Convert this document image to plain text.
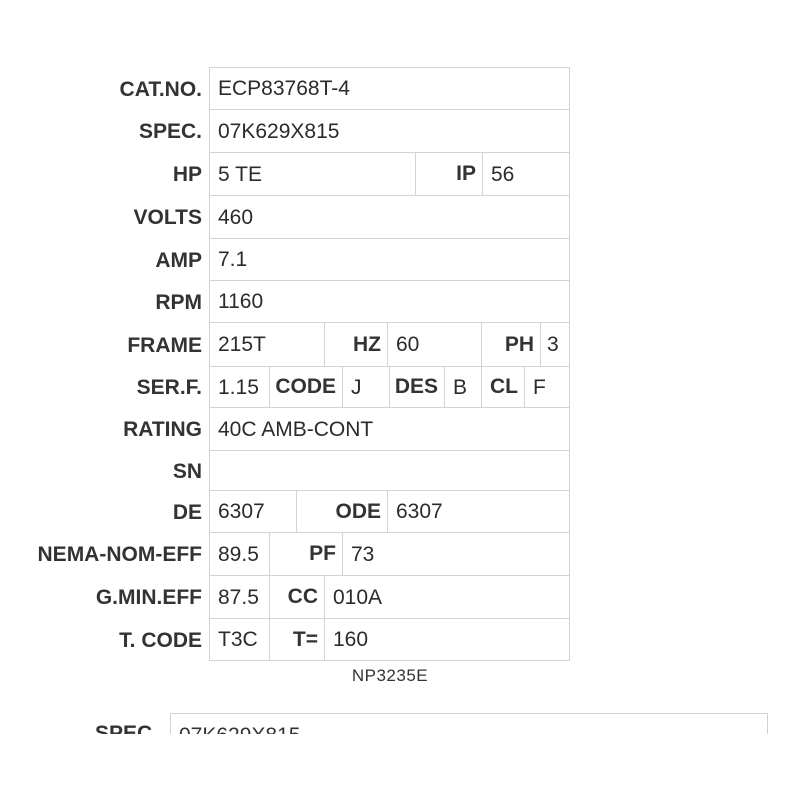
CAT.NO. ECP83768T-4
SPEC. 07K629X815
HP 5 TE	IP 56
VOLTS 460
AMP 7.1
RPM 1160
FRAME 215T	HZ 60	PH 3
SER.F. 1.15 CODE J	DES B	CL F
RATING 40C AMB-CONT
SN
DE 6307	ODE 6307
NEMA-NOM-EFF 89.5	PF 73
G.MIN.EFF 87.5	CC 010A
T. CODE T3C	T= 160
NP3235E
